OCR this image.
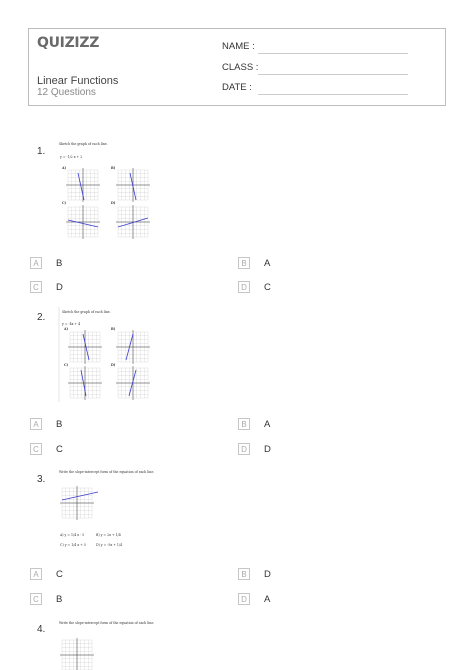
QUIZIZZ
Linear Functions
12 Questions
NAME :
CLASS :
DATE :
1.
Sketch the graph of each line.
y = -1/2 x + 2
A)	B)
C)	D)
A	B	B	A
C	D	D	C
2.	Sketch the graph of each line.
y = -4x + 4
A)	B)
C)	D)
A	B	B	A
C	C	D	D
3.
Write the slope-intercept form of the equation of each line.
A) y = 1/4 x - 5	B) y = 2x + 1/4
C) y = 1/4 x + 5	D) y = -5x + 1/4
A	C	B	D
C	B	D	A
4.
Write the slope-intercept form of the equation of each line.
